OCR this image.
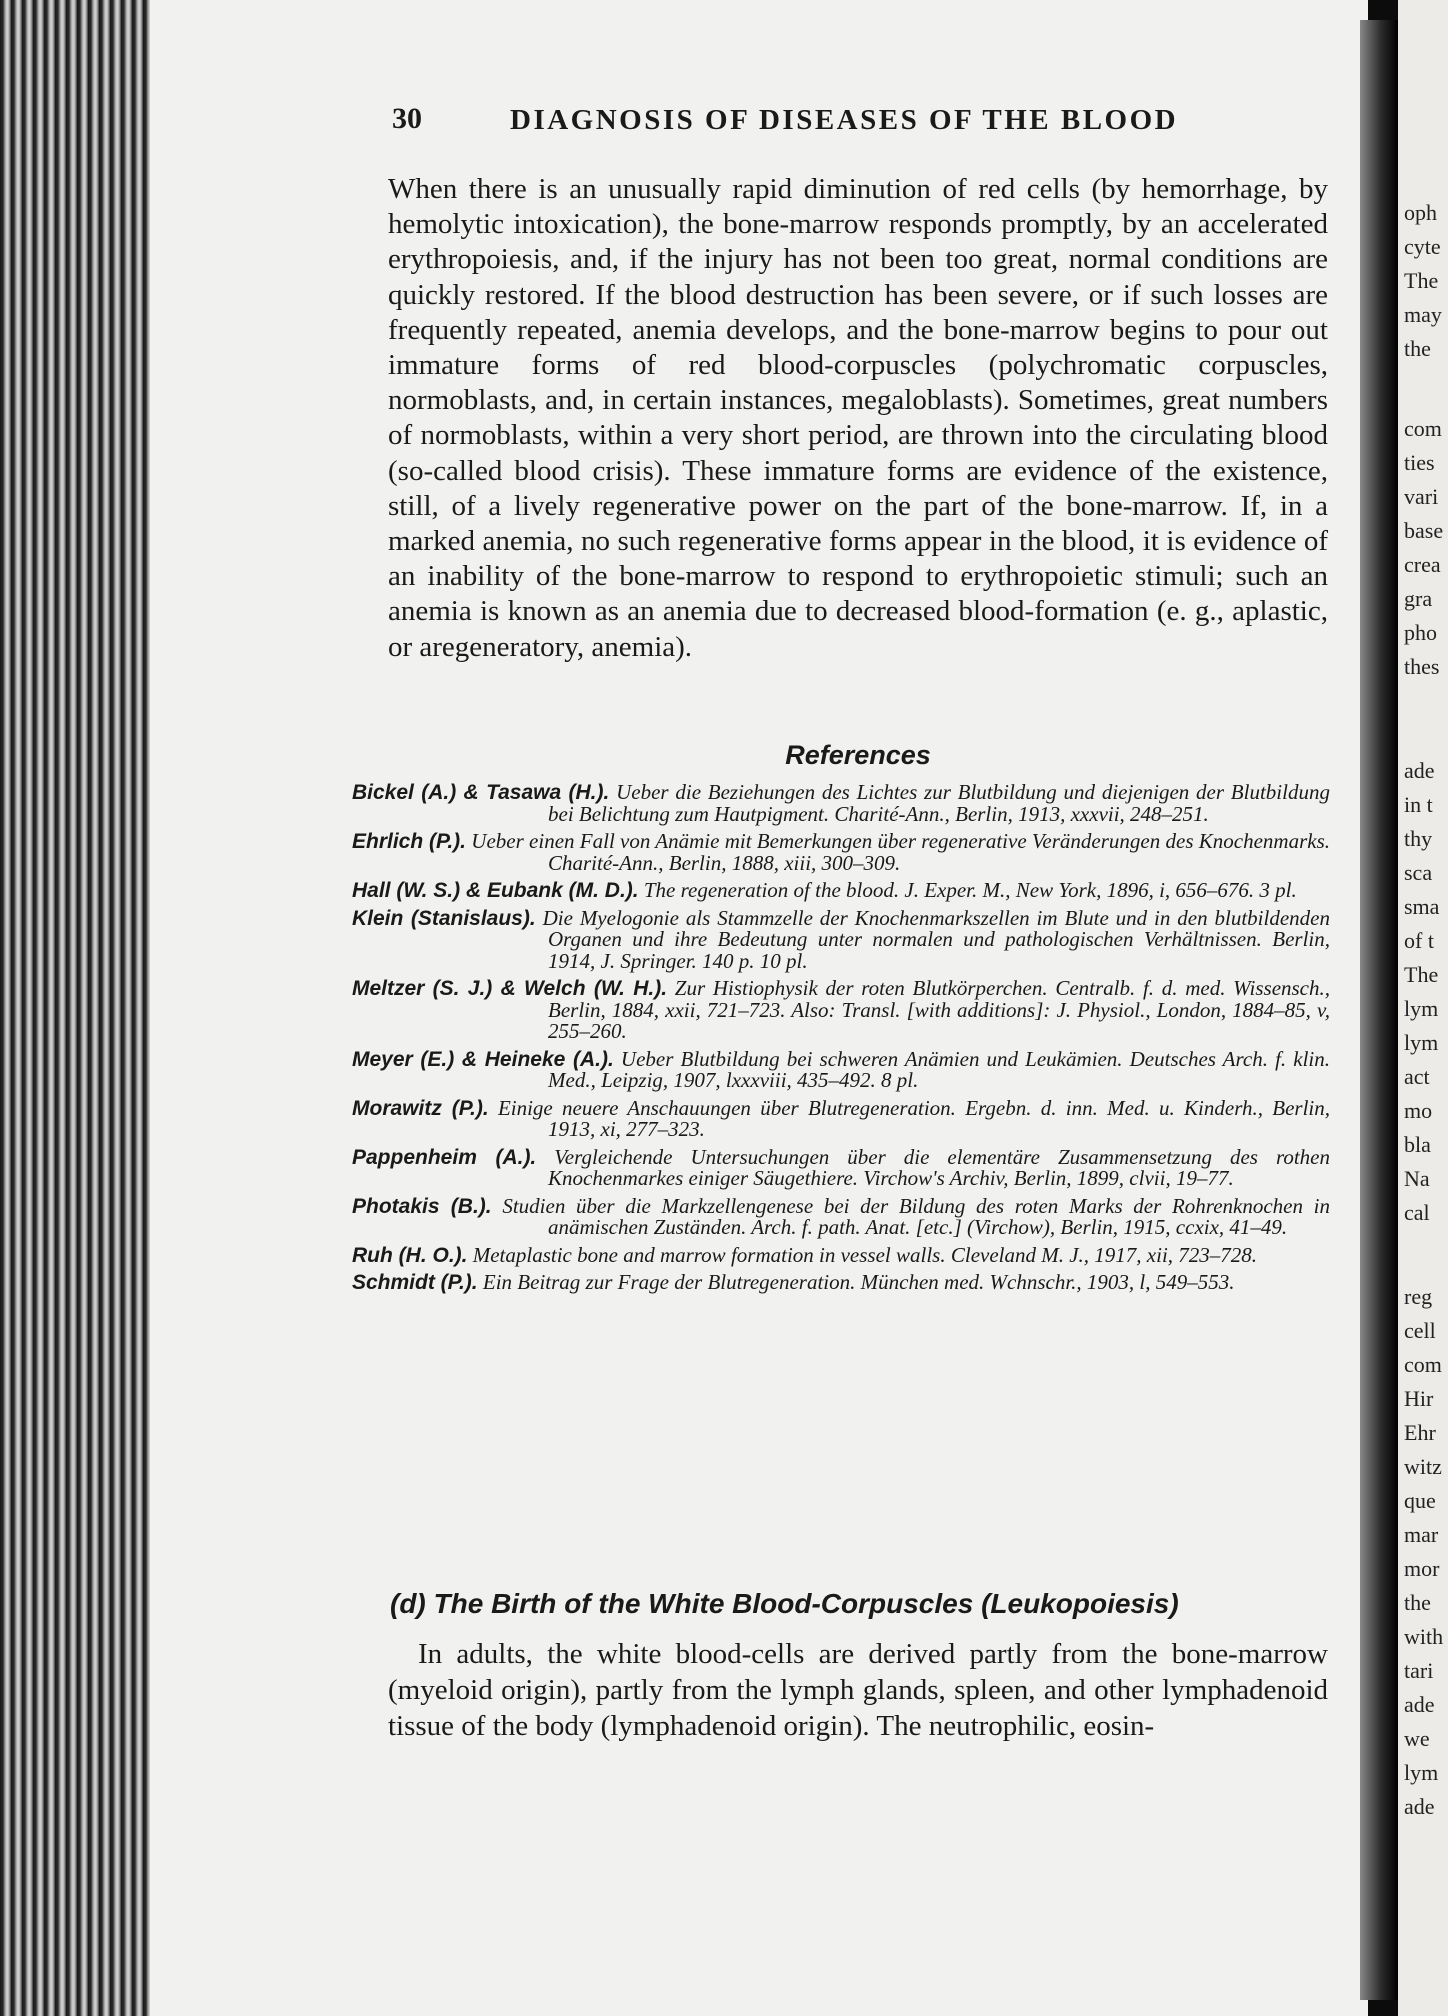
30	DIAGNOSIS OF DISEASES OF THE BLOOD

When there is an unusually rapid diminution of red cells (by hemorrhage, by hemolytic intoxication), the bone-marrow responds promptly, by an accelerated erythropoiesis, and, if the injury has not been too great, normal conditions are quickly restored. If the blood destruction has been severe, or if such losses are frequently repeated, anemia develops, and the bone-marrow begins to pour out immature forms of red blood-corpuscles (polychromatic corpuscles, normoblasts, and, in certain instances, megaloblasts). Sometimes, great numbers of normoblasts, within a very short period, are thrown into the circulating blood (so-called blood crisis). These immature forms are evidence of the existence, still, of a lively regenerative power on the part of the bone-marrow. If, in a marked anemia, no such regenerative forms appear in the blood, it is evidence of an inability of the bone-marrow to respond to erythropoietic stimuli; such an anemia is known as an anemia due to decreased blood-formation (e. g., aplastic, or aregeneratory, anemia).

References

Bickel (A.) & Tasawa (H.). Ueber die Beziehungen des Lichtes zur Blutbildung und diejenigen der Blutbildung bei Belichtung zum Hautpigment. Charité-Ann., Berlin, 1913, xxxvii, 248–251.

Ehrlich (P.). Ueber einen Fall von Anämie mit Bemerkungen über regenerative Veränderungen des Knochenmarks. Charité-Ann., Berlin, 1888, xiii, 300–309.

Hall (W. S.) & Eubank (M. D.). The regeneration of the blood. J. Exper. M., New York, 1896, i, 656–676. 3 pl.

Klein (Stanislaus). Die Myelogonie als Stammzelle der Knochenmarkszellen im Blute und in den blutbildenden Organen und ihre Bedeutung unter normalen und pathologischen Verhältnissen. Berlin, 1914, J. Springer. 140 p. 10 pl.

Meltzer (S. J.) & Welch (W. H.). Zur Histiophysik der roten Blutkörperchen. Centralb. f. d. med. Wissensch., Berlin, 1884, xxii, 721–723. Also: Transl. [with additions]: J. Physiol., London, 1884–85, v, 255–260.

Meyer (E.) & Heineke (A.). Ueber Blutbildung bei schweren Anämien und Leukämien. Deutsches Arch. f. klin. Med., Leipzig, 1907, lxxxviii, 435–492. 8 pl.

Morawitz (P.). Einige neuere Anschauungen über Blutregeneration. Ergebn. d. inn. Med. u. Kinderh., Berlin, 1913, xi, 277–323.

Pappenheim (A.). Vergleichende Untersuchungen über die elementäre Zusammensetzung des rothen Knochenmarkes einiger Säugethiere. Virchow's Archiv, Berlin, 1899, clvii, 19–77.

Photakis (B.). Studien über die Markzellengenese bei der Bildung des roten Marks der Rohrenknochen in anämischen Zuständen. Arch. f. path. Anat. [etc.] (Virchow), Berlin, 1915, ccxix, 41–49.

Ruh (H. O.). Metaplastic bone and marrow formation in vessel walls. Cleveland M. J., 1917, xii, 723–728.

Schmidt (P.). Ein Beitrag zur Frage der Blutregeneration. München med. Wchnschr., 1903, l, 549–553.

(d) The Birth of the White Blood-Corpuscles (Leukopoiesis)

In adults, the white blood-cells are derived partly from the bone-marrow (myeloid origin), partly from the lymph glands, spleen, and other lymphadenoid tissue of the body (lymphadenoid origin). The neutrophilic, eosin-

oph
cyte
The
may
the
com
ties
vari
base
crea
gra
pho
thes
ade
in t
thy
sca
sma
of t
The
lym
lym
act
mo
bla
Na
cal
reg
cell
com
Hir
Ehr
witz
que
mar
mor
the
with
tari
ade
we
lym
ade
